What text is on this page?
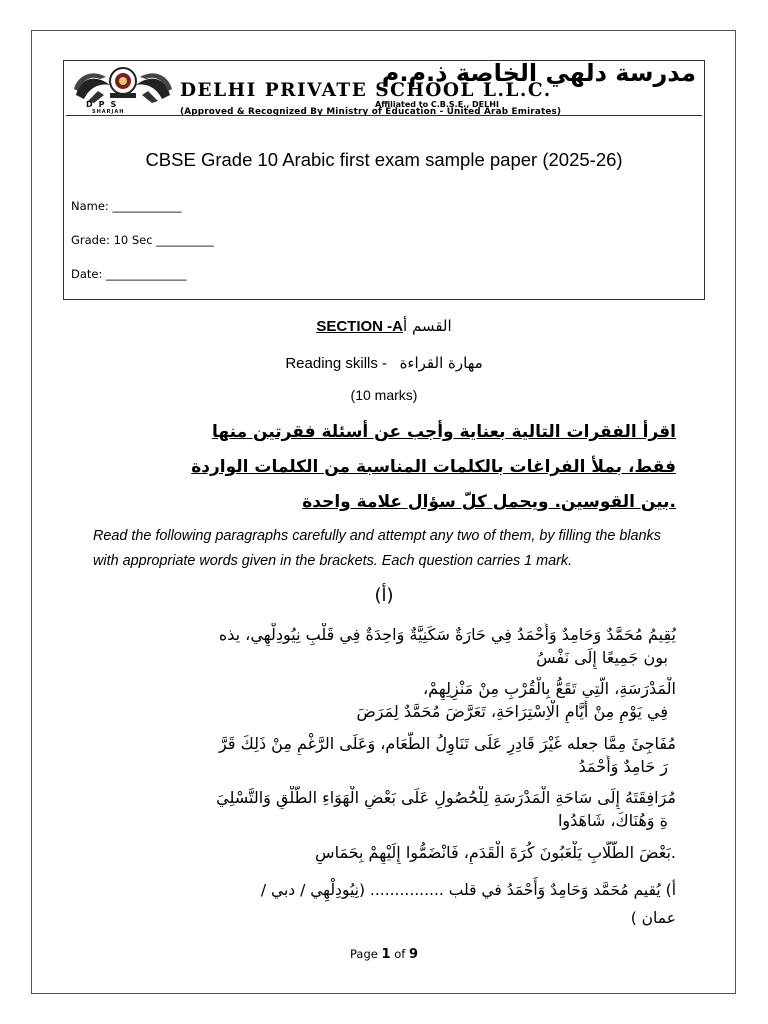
DPS
SHARJAH
مدرسة دلهي الخاصة ذ.م.م
DELHI PRIVATE SCHOOL L.L.C.
Affiliated to C.B.S.E., DELHI
(Approved & Recognized By Ministry of Education - United Arab Emirates)
CBSE Grade 10 Arabic first exam sample paper (2025-26)
Name: ____________
Grade: 10 Sec __________
Date: ______________
SECTION -Aالقسم أ
Reading skills - مهارة القراءة
(10 marks)
اقرأ الفقرات التالية بعناية وأجب عن أسئلة فقرتين منها
فقط، بملأ الفراغات بالكلمات المناسبة من الكلمات الواردة
.بين القوسين. ويحمل كلّ سؤال علامة واحدة
Read the following paragraphs carefully and attempt any two of them, by filling the blanks with appropriate words given in the brackets. Each question carries 1 mark.
(أ)
يُقِيمُ مُحَمَّدٌ وَحَامِدٌ وَأَحْمَدُ فِي حَارَةٌ سَكَنِيَّةٌ وَاحِدَةٌ فِي قَلْبِ نِيُودِلْهِي، يذه
بون جَمِيعًا إِلَى نَفْسُ
الْمَدْرَسَةِ، الَّتِي تَقَعُّ بِالْقُرْبِ مِنْ مَنْزِلِهِمْ،
فِي يَوْمٍ مِنْ أَيَّامِ الْاِسْتِرَاحَةِ، تَعَرَّضَ مُحَمَّدٌ لِمَرَضَ
مُفَاجِئَ مِمَّا جعله غَيْرَ قَادِرٍ عَلَى تَنَاوِلُ الطَّعَام، وَعَلَى الرَّغْمِ مِنْ ذَلِكَ قَرَّ
رَ حَامِدٌ وَأَحْمَدُ
مُرَافِقَتَهُ إِلَى سَاحَةِ الْمَدْرَسَةِ لِلْحُصُولِ عَلَى بَعْضِ الْهَوَاءِ الطَّلْقِ وَالتَّسْلِيَ
ةِ وَهُنَاكَ، شَاهَدُوا
.بَعْضَ الطُّلَّابِ يَلْعَبُونَ كُرَةَ الْقَدَمِ، فَانْضَمُّوا إِلَيْهِمْ بِحَمَاسٍ
أ) يُقيم مُحَمَّد وَحَامِدٌ وَأَحْمَدُ في قلب ............... (نِيُودِلْهِي / دبي /
عمان )
Page 1 of 9
